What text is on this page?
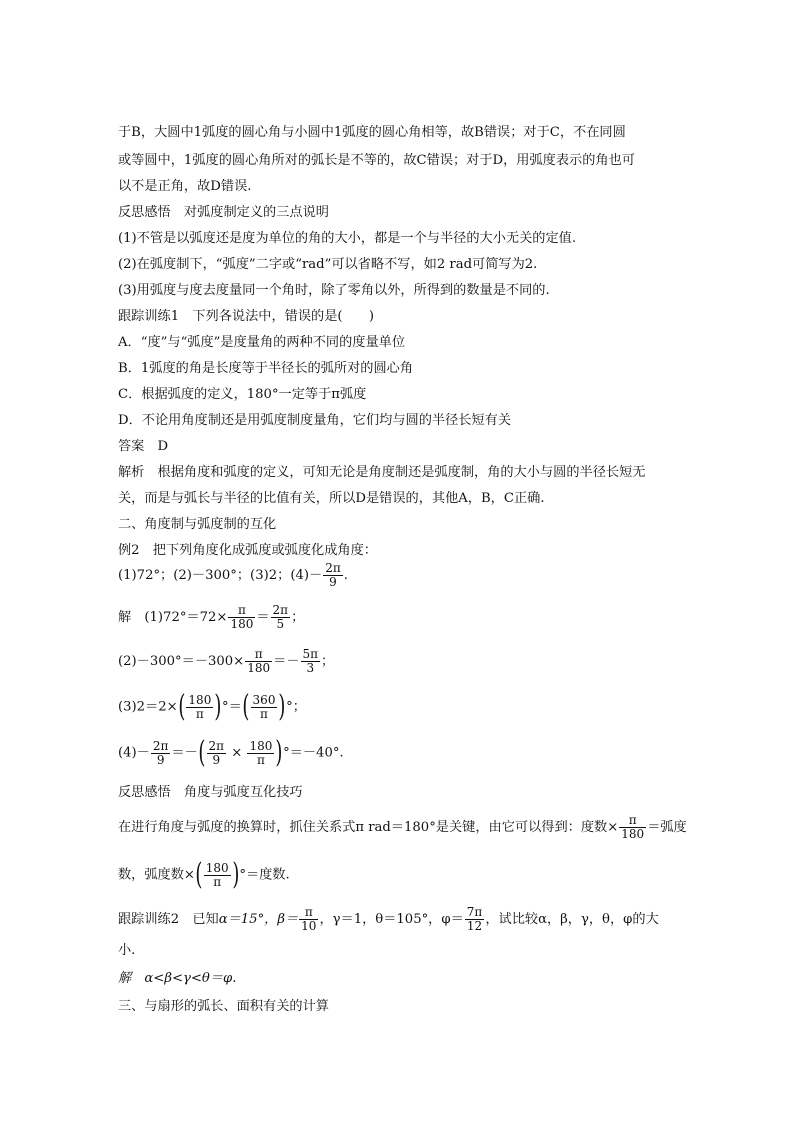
于B，大圆中1弧度的圆心角与小圆中1弧度的圆心角相等，故B错误；对于C，不在同圆
或等圆中，1弧度的圆心角所对的弧长是不等的，故C错误；对于D，用弧度表示的角也可
以不是正角，故D错误.
反思感悟　对弧度制定义的三点说明
(1)不管是以弧度还是度为单位的角的大小，都是一个与半径的大小无关的定值.
(2)在弧度制下，“弧度”二字或“rad”可以省略不写，如2 rad可简写为2.
(3)用弧度与度去度量同一个角时，除了零角以外，所得到的数量是不同的.
跟踪训练1　下列各说法中，错误的是(　　)
A．“度”与“弧度”是度量角的两种不同的度量单位
B．1弧度的角是长度等于半径长的弧所对的圆心角
C．根据弧度的定义，180°一定等于π弧度
D．不论用角度制还是用弧度制度量角，它们均与圆的半径长短有关
答案　D
解析　根据角度和弧度的定义，可知无论是角度制还是弧度制，角的大小与圆的半径长短无
关，而是与弧长与半径的比值有关，所以D是错误的，其他A，B，C正确.
二、角度制与弧度制的互化
例2　把下列角度化成弧度或弧度化成角度：
(1)72°；(2)－300°；(3)2；$(4)- \frac{2\pi}{9}$ .
解　$(1)72^\circ=72\times \frac{\pi}{180} = \frac{2\pi}{5}$ ；
$(2)-300^\circ=-300\times \frac{\pi}{180} =- \frac{5\pi}{3}$ ；
$(3)2=2\times( \frac{180}{\pi}$ )°＝( $\frac{360}{\pi}$ )°；
$(4)- \frac{2\pi}{9}$ ＝－( $\frac{2\pi}{9} \times \frac{180}{\pi} )^\circ=-40^\circ$.
反思感悟　角度与弧度互化技巧
在进行角度与弧度的换算时，抓住关系式π rad＝180°是关键，由它可以得到：度数× $\frac{\pi}{180}$ ＝弧度
数，弧度数×( $\frac{180}{\pi}$ )°＝度数.
跟踪训练2　已知α＝15°，$\beta= \frac{\pi}{10}$ ，γ＝1，θ＝105°，$\varphi= \frac{7\pi}{12}$ ，试比较α，β，γ，θ，φ的大
小.
解　α<β<γ<θ＝φ.
三、与扇形的弧长、面积有关的计算
